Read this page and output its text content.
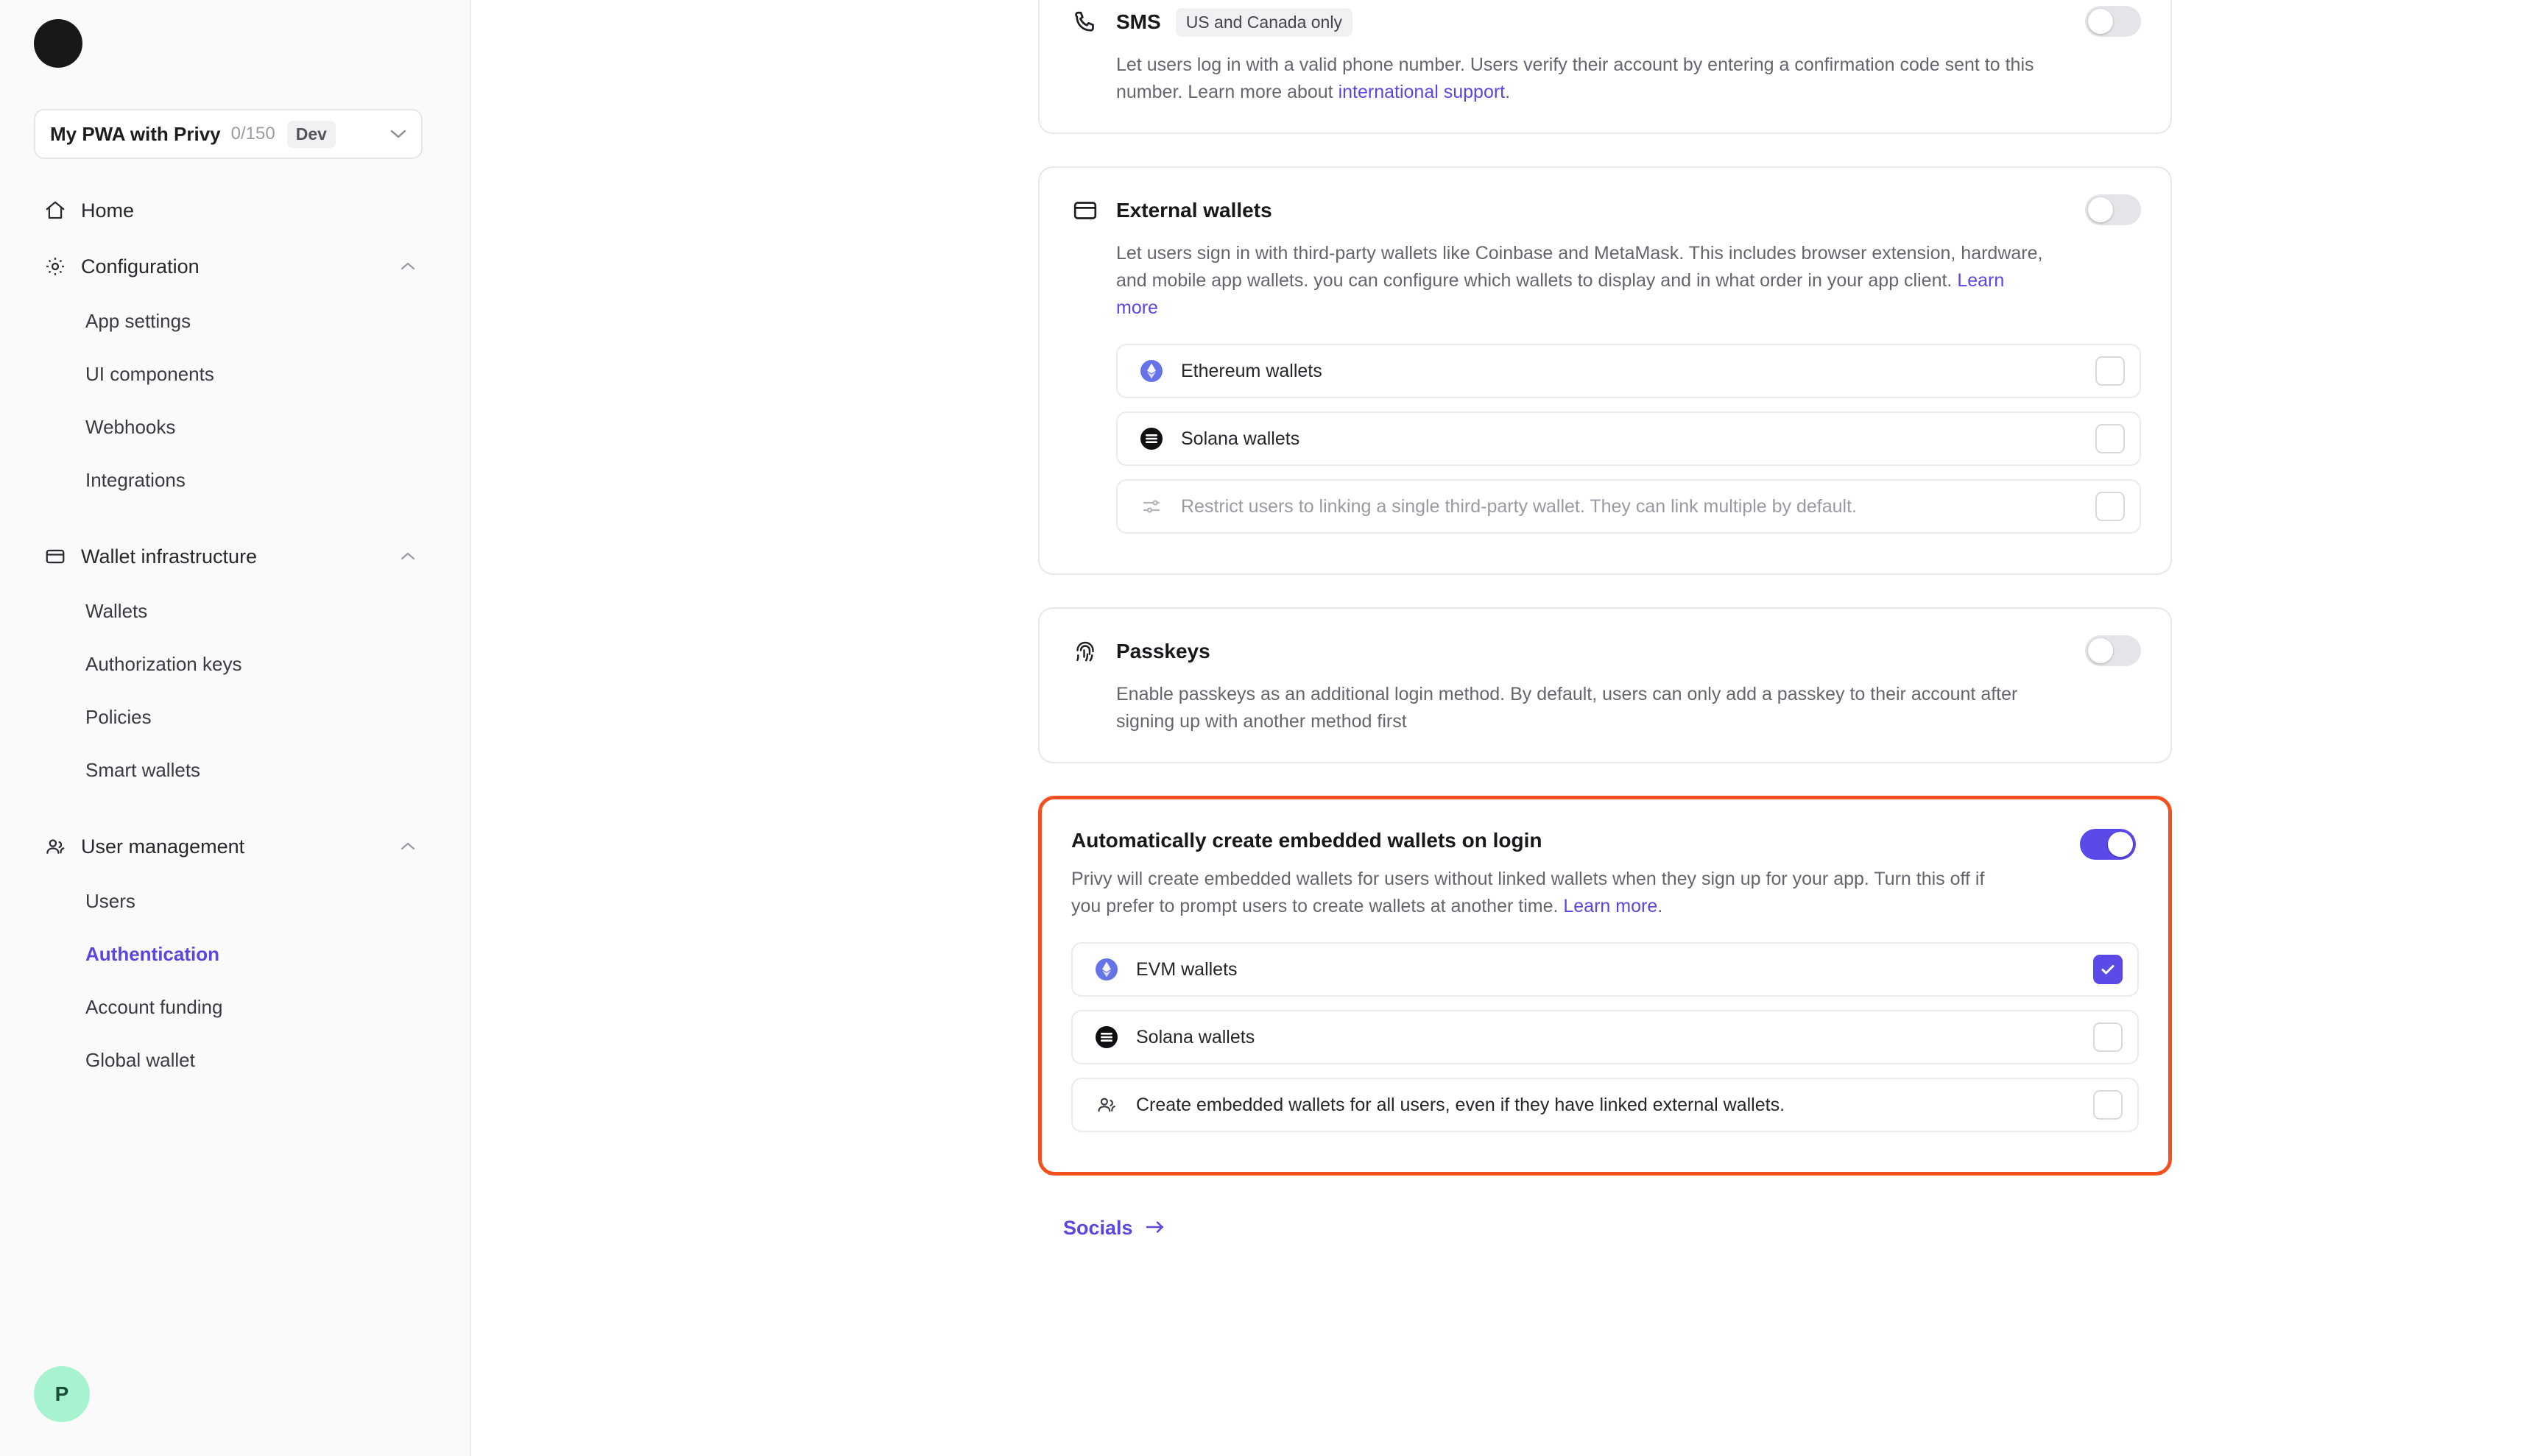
My PWA with Privy 0/150	Dev
Home
Configuration
App settings
UI components
Webhooks
Integrations
Wallet infrastructure
Wallets
Authorization keys
Policies
Smart wallets
User management
Users
Authentication
Account funding
Global wallet
P
SMS	US and Canada only

Let users log in with a valid phone number. Users verify their account by entering a confirmation code sent to this number. Learn more about international support.

External wallets

Let users sign in with third-party wallets like Coinbase and MetaMask. This includes browser extension, hardware, and mobile app wallets. you can configure which wallets to display and in what order in your app client. Learn more

Ethereum wallets
Solana wallets
Restrict users to linking a single third-party wallet. They can link multiple by default.
Passkeys

Enable passkeys as an additional login method. By default, users can only add a passkey to their account after signing up with another method first

Automatically create embedded wallets on login

Privy will create embedded wallets for users without linked wallets when they sign up for your app. Turn this off if you prefer to prompt users to create wallets at another time. Learn more.

EVM wallets
Solana wallets
Create embedded wallets for all users, even if they have linked external wallets.
Socials
